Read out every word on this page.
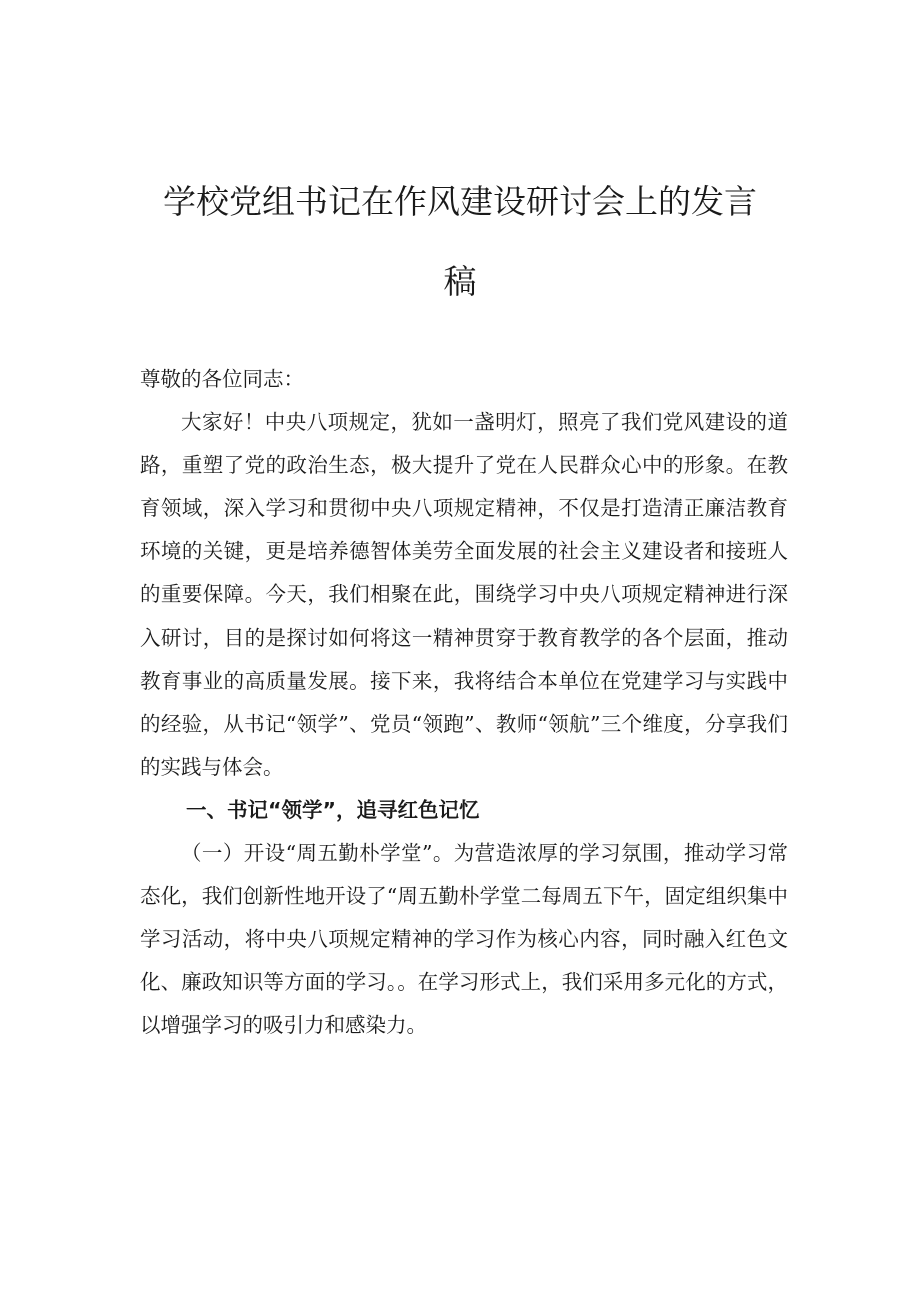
学校党组书记在作风建设研讨会上的发言
稿

尊敬的各位同志：

大家好！中央八项规定，犹如一盏明灯，照亮了我们党风建设的道路，重塑了党的政治生态，极大提升了党在人民群众心中的形象。在教育领域，深入学习和贯彻中央八项规定精神，不仅是打造清正廉洁教育环境的关键，更是培养德智体美劳全面发展的社会主义建设者和接班人的重要保障。今天，我们相聚在此，围绕学习中央八项规定精神进行深入研讨，目的是探讨如何将这一精神贯穿于教育教学的各个层面，推动教育事业的高质量发展。接下来，我将结合本单位在党建学习与实践中的经验，从书记“领学”、党员“领跑”、教师“领航”三个维度，分享我们的实践与体会。

一、书记“领学”，追寻红色记忆

（一）开设“周五勤朴学堂”。为营造浓厚的学习氛围，推动学习常态化，我们创新性地开设了“周五勤朴学堂二每周五下午，固定组织集中学习活动，将中央八项规定精神的学习作为核心内容，同时融入红色文化、廉政知识等方面的学习。。在学习形式上，我们采用多元化的方式，以增强学习的吸引力和感染力。
